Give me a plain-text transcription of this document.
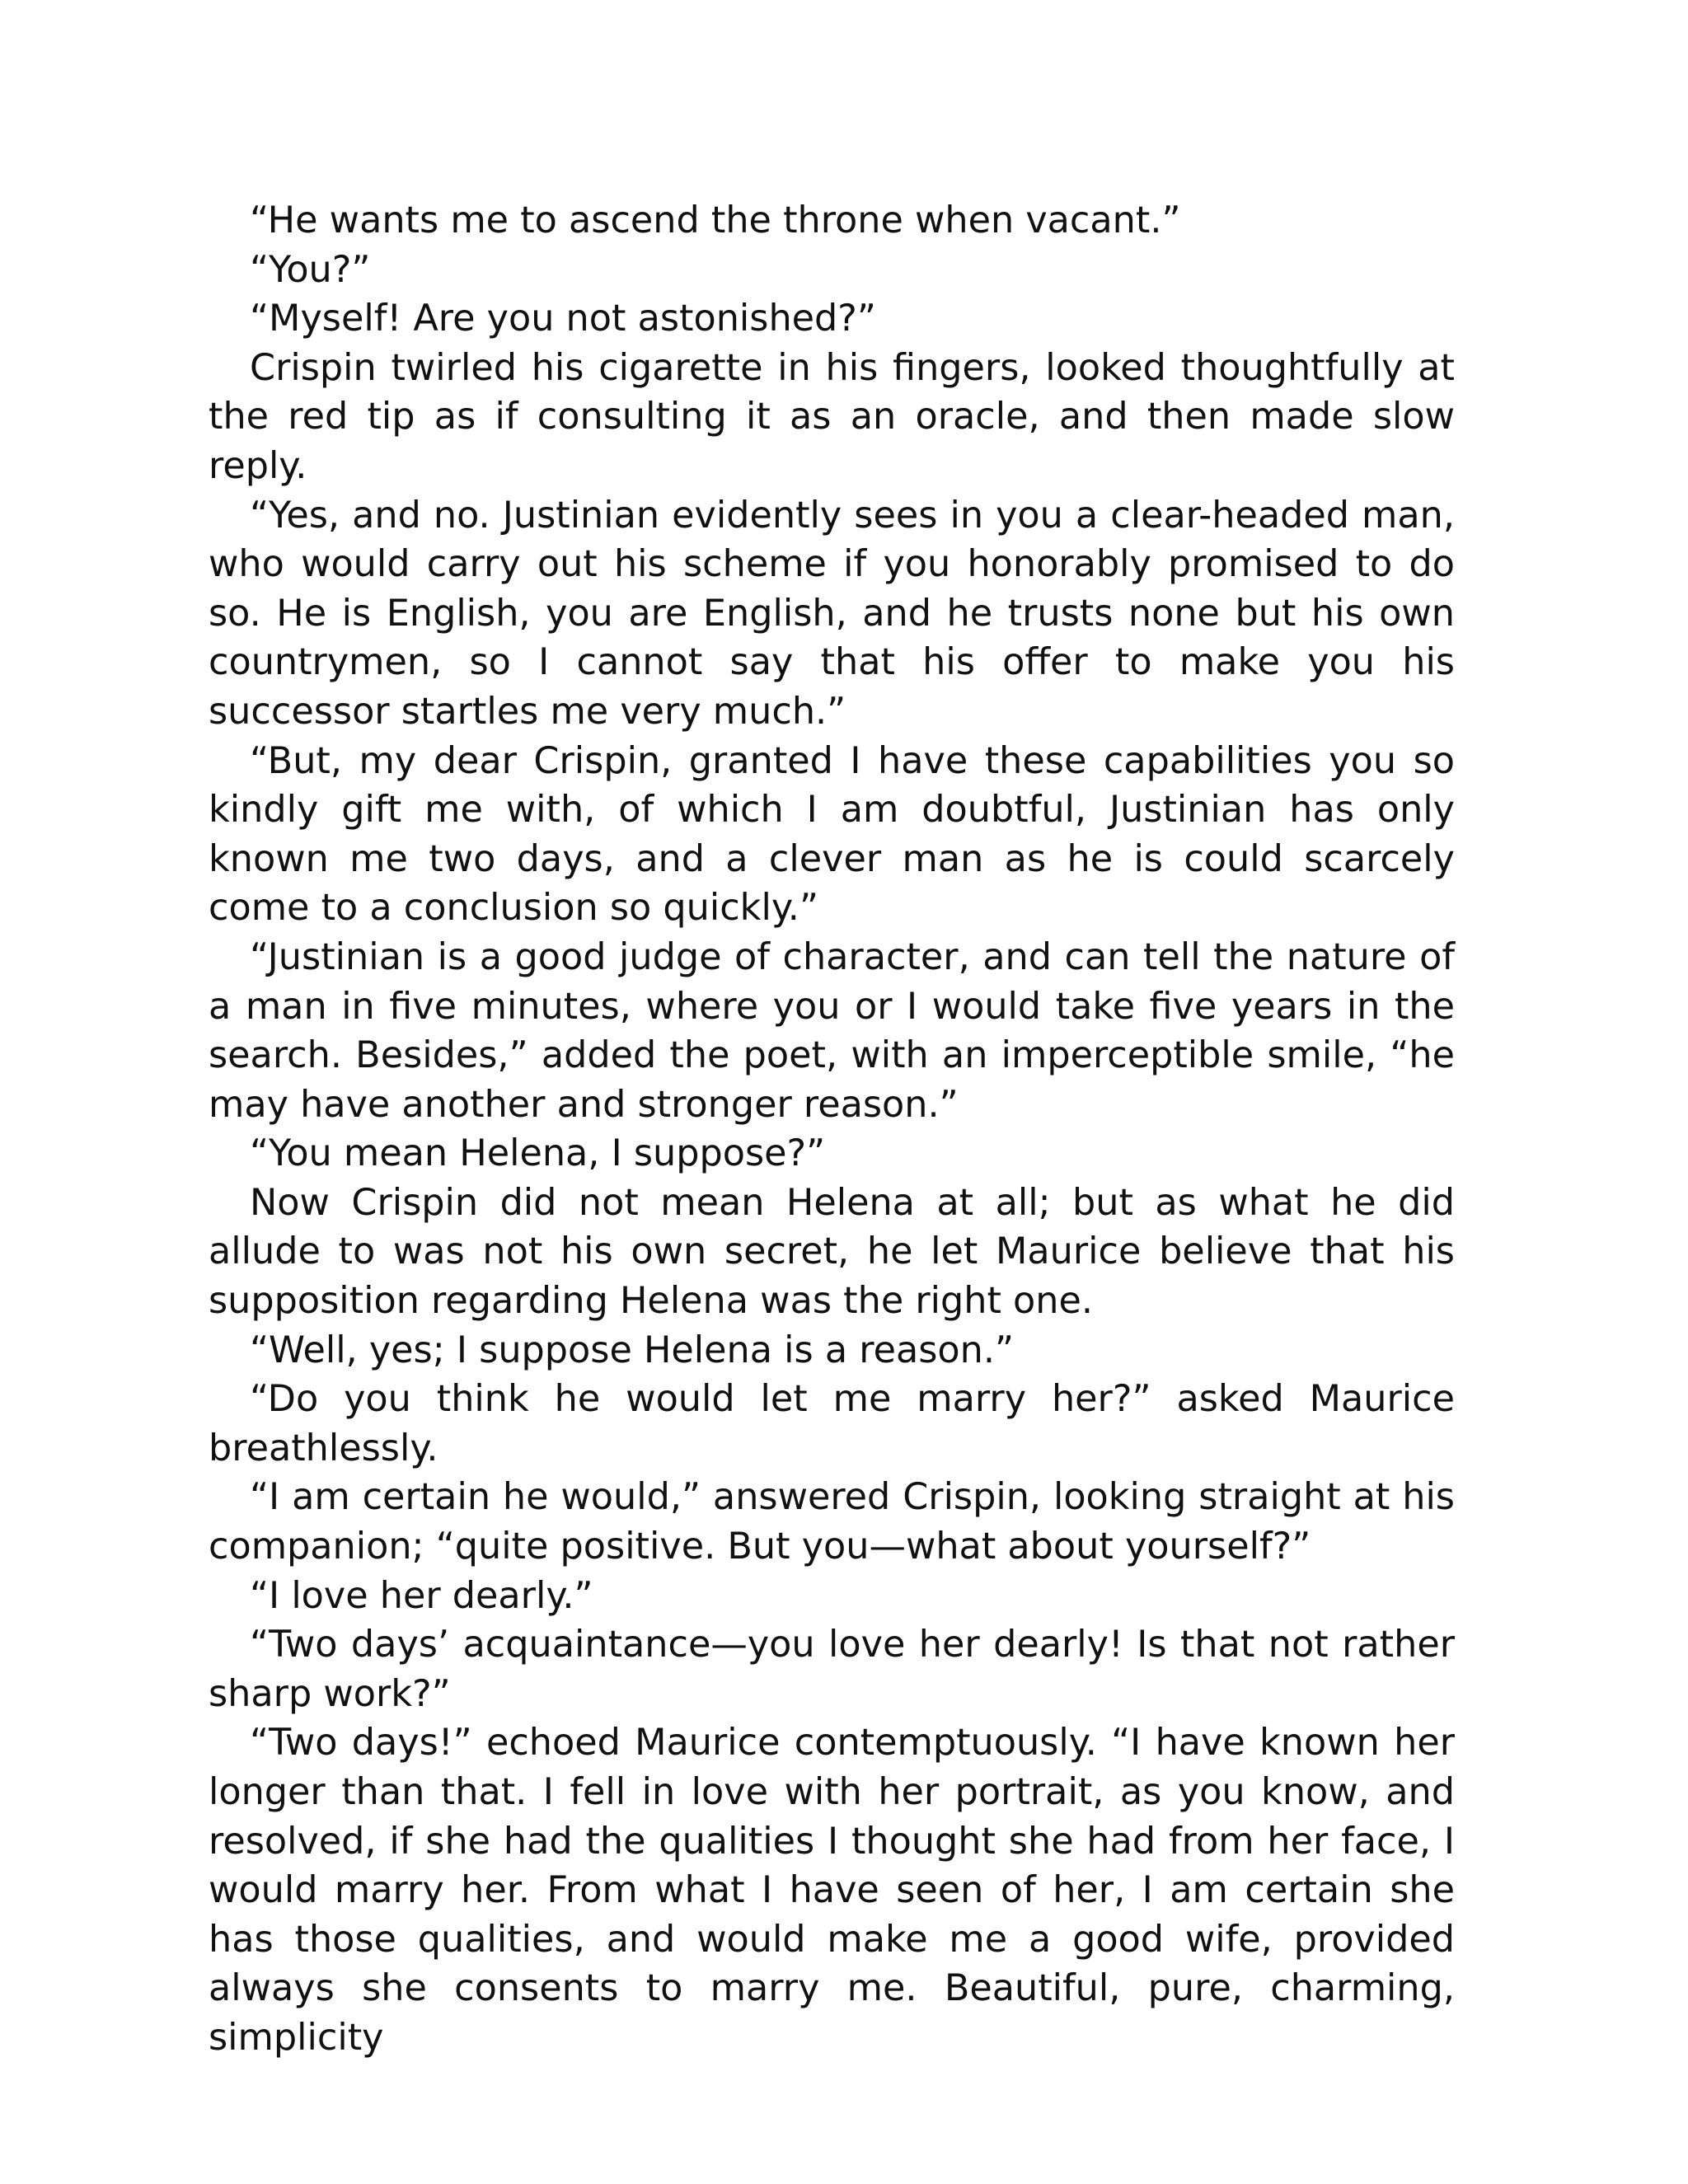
“He wants me to ascend the throne when vacant.”

“You?”

“Myself! Are you not astonished?”

Crispin twirled his cigarette in his fingers, looked thoughtfully at the red tip as if consulting it as an oracle, and then made slow reply.

“Yes, and no. Justinian evidently sees in you a clear-headed man, who would carry out his scheme if you honorably promised to do so. He is English, you are English, and he trusts none but his own countrymen, so I cannot say that his offer to make you his successor startles me very much.”

“But, my dear Crispin, granted I have these capabilities you so kindly gift me with, of which I am doubtful, Justinian has only known me two days, and a clever man as he is could scarcely come to a conclusion so quickly.”

“Justinian is a good judge of character, and can tell the nature of a man in five minutes, where you or I would take five years in the search. Besides,” added the poet, with an imperceptible smile, “he may have another and stronger reason.”

“You mean Helena, I suppose?”

Now Crispin did not mean Helena at all; but as what he did allude to was not his own secret, he let Maurice believe that his supposition regarding Helena was the right one.

“Well, yes; I suppose Helena is a reason.”

“Do you think he would let me marry her?” asked Maurice breathlessly.

“I am certain he would,” answered Crispin, looking straight at his companion; “quite positive. But you—what about yourself?”

“I love her dearly.”

“Two days’ acquaintance—you love her dearly! Is that not rather sharp work?”

“Two days!” echoed Maurice contemptuously. “I have known her longer than that. I fell in love with her portrait, as you know, and resolved, if she had the qualities I thought she had from her face, I would marry her. From what I have seen of her, I am certain she has those qualities, and would make me a good wife, provided always she consents to marry me. Beautiful, pure, charming, simplicity
